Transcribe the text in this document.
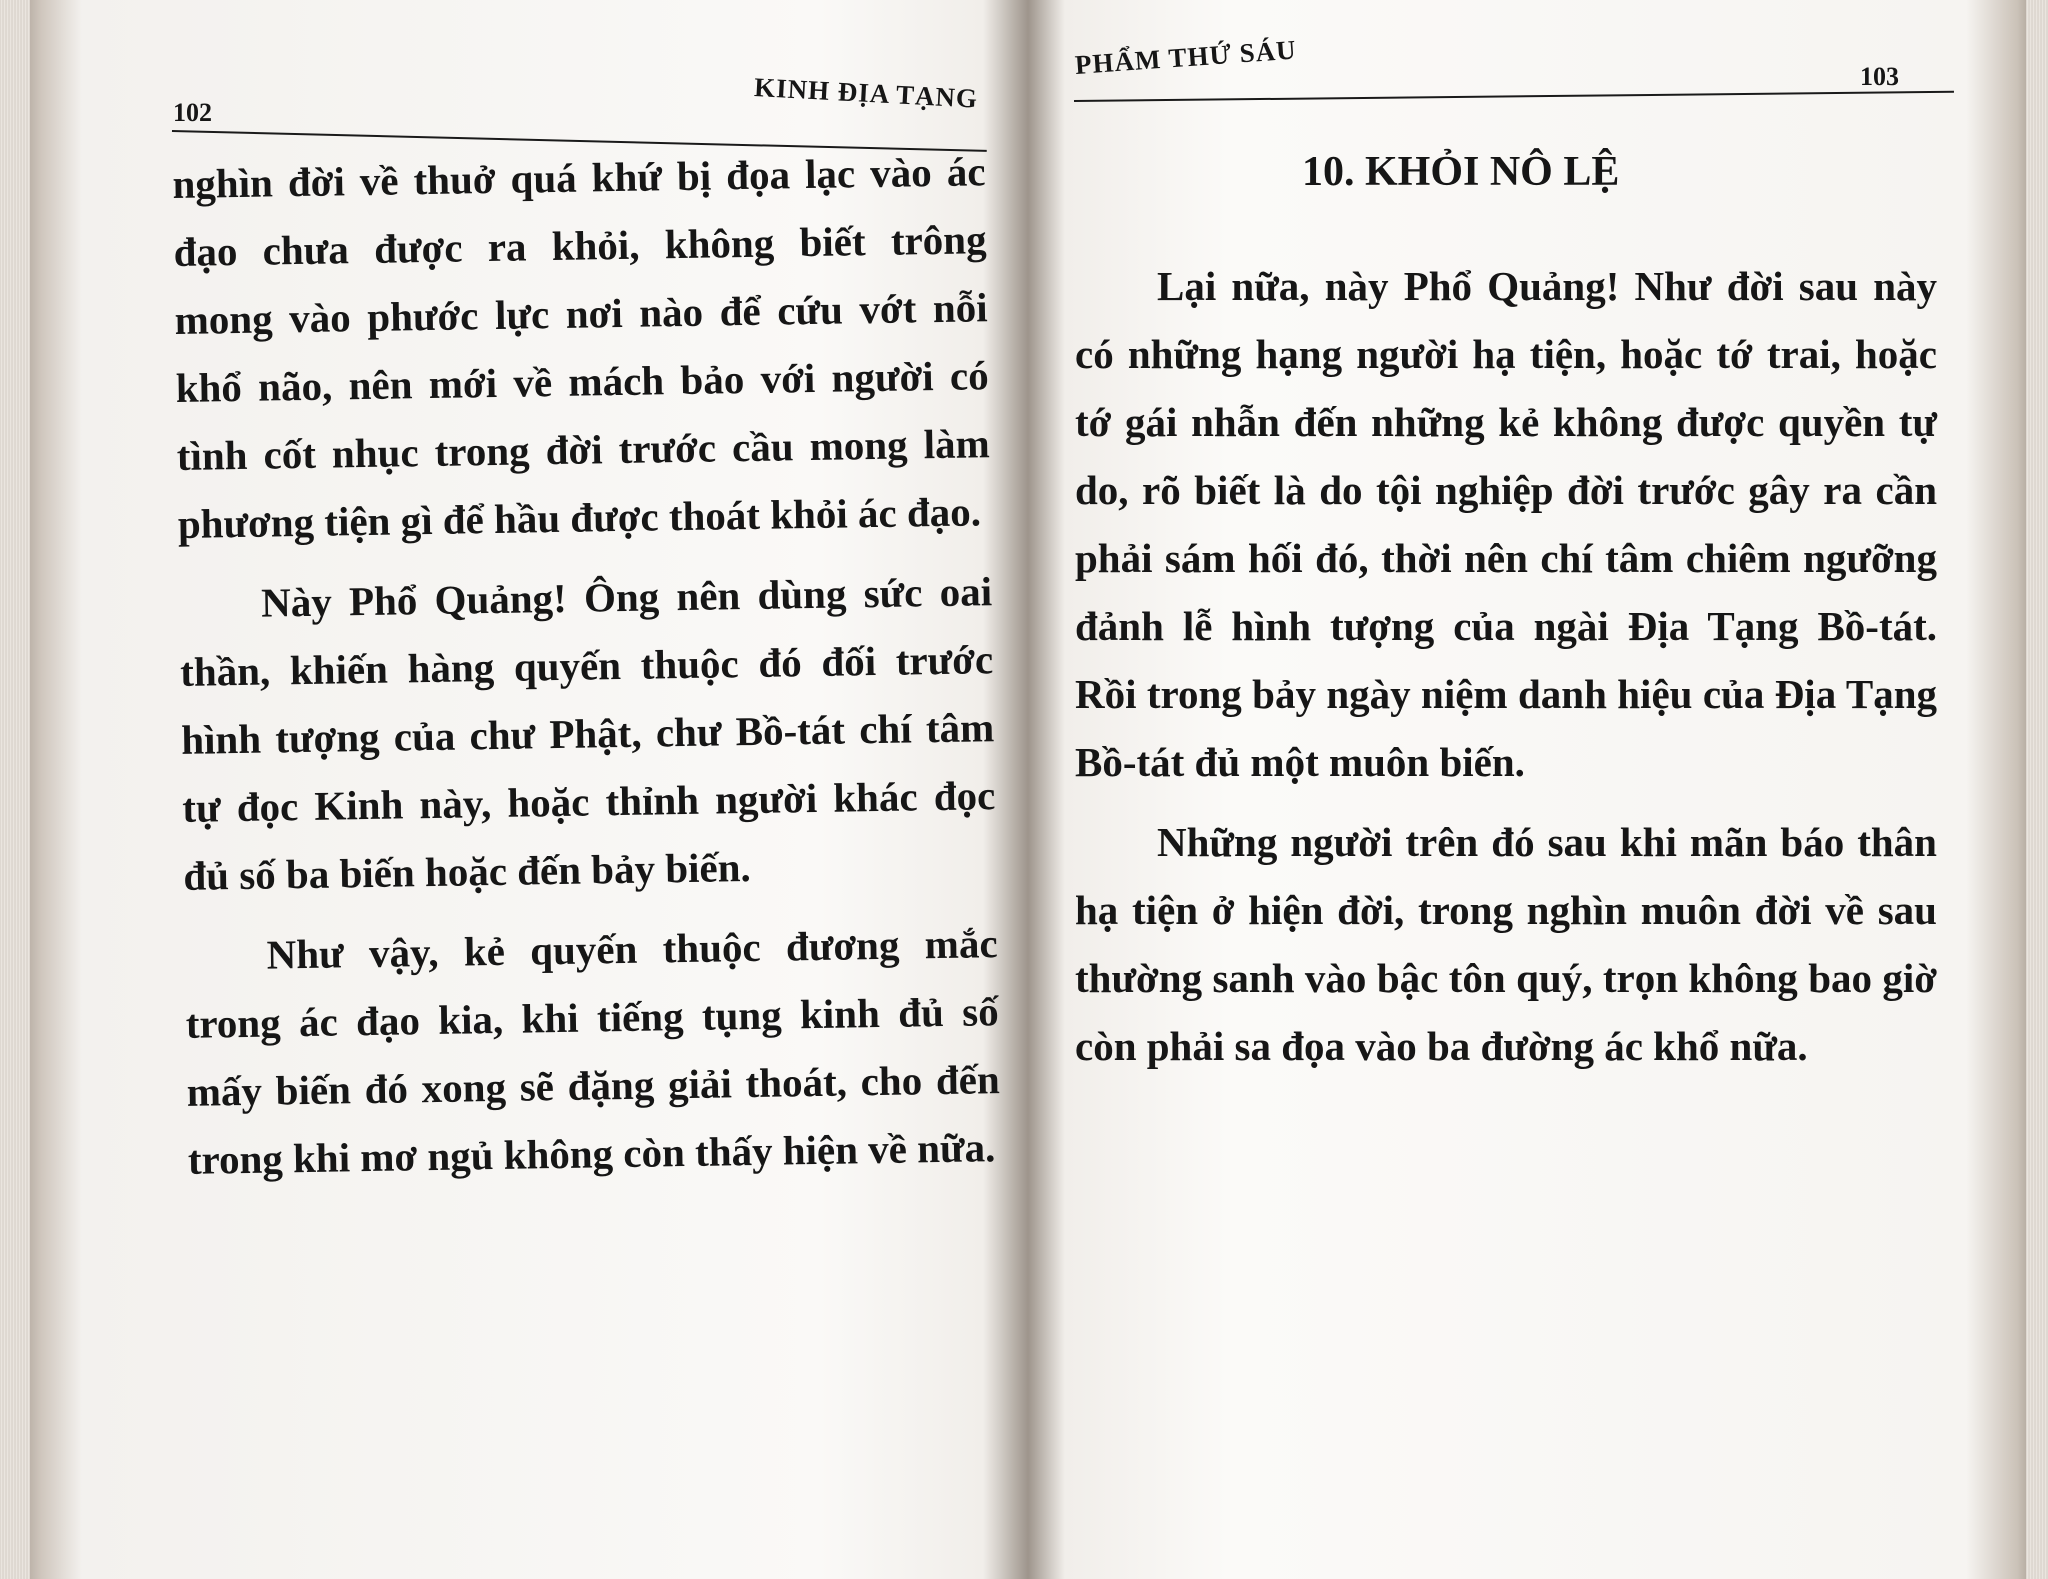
102	KINH ĐỊA TẠNG

nghìn đời về thuở quá khứ bị đọa lạc vào ác đạo chưa được ra khỏi, không biết trông mong vào phước lực nơi nào để cứu vớt nỗi khổ não, nên mới về mách bảo với người có tình cốt nhục trong đời trước cầu mong làm phương tiện gì để hầu được thoát khỏi ác đạo.

Này Phổ Quảng! Ông nên dùng sức oai thần, khiến hàng quyến thuộc đó đối trước hình tượng của chư Phật, chư Bồ-tát chí tâm tự đọc Kinh này, hoặc thỉnh người khác đọc đủ số ba biến hoặc đến bảy biến.

Như vậy, kẻ quyến thuộc đương mắc trong ác đạo kia, khi tiếng tụng kinh đủ số mấy biến đó xong sẽ đặng giải thoát, cho đến trong khi mơ ngủ không còn thấy hiện về nữa.

PHẨM THỨ SÁU	103
10. KHỎI NÔ LỆ

Lại nữa, này Phổ Quảng! Như đời sau này có những hạng người hạ tiện, hoặc tớ trai, hoặc tớ gái nhẫn đến những kẻ không được quyền tự do, rõ biết là do tội nghiệp đời trước gây ra cần phải sám hối đó, thời nên chí tâm chiêm ngưỡng đảnh lễ hình tượng của ngài Địa Tạng Bồ-tát. Rồi trong bảy ngày niệm danh hiệu của Địa Tạng Bồ-tát đủ một muôn biến.

Những người trên đó sau khi mãn báo thân hạ tiện ở hiện đời, trong nghìn muôn đời về sau thường sanh vào bậc tôn quý, trọn không bao giờ còn phải sa đọa vào ba đường ác khổ nữa.
